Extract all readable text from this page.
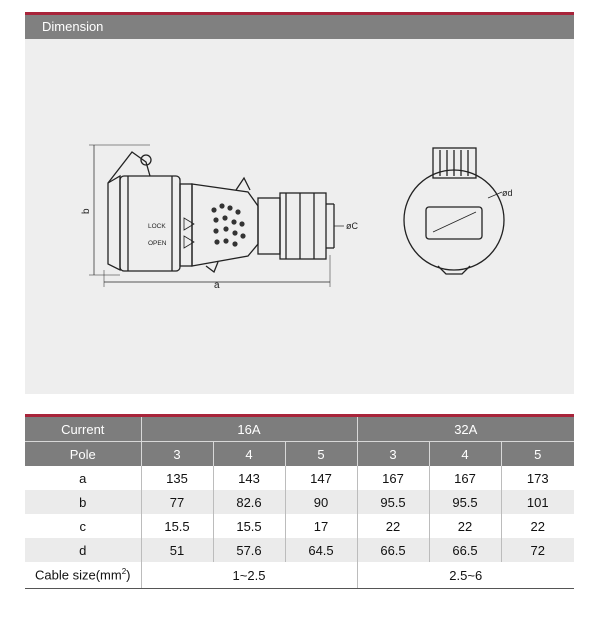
Dimension
b
a
øC
LOCK
OPEN
ød
Current	16A			32A		
Pole	3	4	5	3	4	5
a	135	143	147	167	167	173
b	77	82.6	90	95.5	95.5	101
c	15.5	15.5	17	22	22	22
d	51	57.6	64.5	66.5	66.5	72
Cable $size(mm^2)$	1~2.5			2.5~6		
